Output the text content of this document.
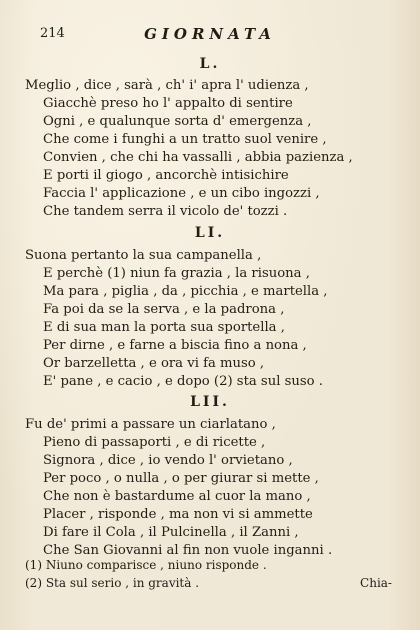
214	GIORNATA
L.
Meglio , dice , sarà , ch' i' apra l' udienza ,
Giacchè preso ho l' appalto di sentire
Ogni , e qualunque sorta d' emergenza ,
Che come i funghi a un tratto suol venire ,
Convien , che chi ha vassalli , abbia pazienza ,
E porti il giogo , ancorchè intisichire
Faccia l' applicazione , e un cibo ingozzi ,
Che tandem serra il vicolo de' tozzi .
LI.
Suona pertanto la sua campanella ,
E perchè (1) niun fa grazia , la risuona ,
Ma para , piglia , da , picchia , e martella ,
Fa poi da se la serva , e la padrona ,
E di sua man la porta sua sportella ,
Per dirne , e farne a biscia fino a nona ,
Or barzelletta , e ora vi fa muso ,
E' pane , e cacio , e dopo (2) sta sul suso .
LII.
Fu de' primi a passare un ciarlatano ,
Pieno di passaporti , e di ricette ,
Signora , dice , io vendo l' orvietano ,
Per poco , o nulla , o per giurar si mette ,
Che non è bastardume al cuor la mano ,
Placer , risponde , ma non vi si ammette
Di fare il Cola , il Pulcinella , il Zanni ,
Che San Giovanni al fin non vuole inganni .
(1) Niuno comparisce , niuno risponde .
(2) Sta sul serio , in gravità .	Chia-
